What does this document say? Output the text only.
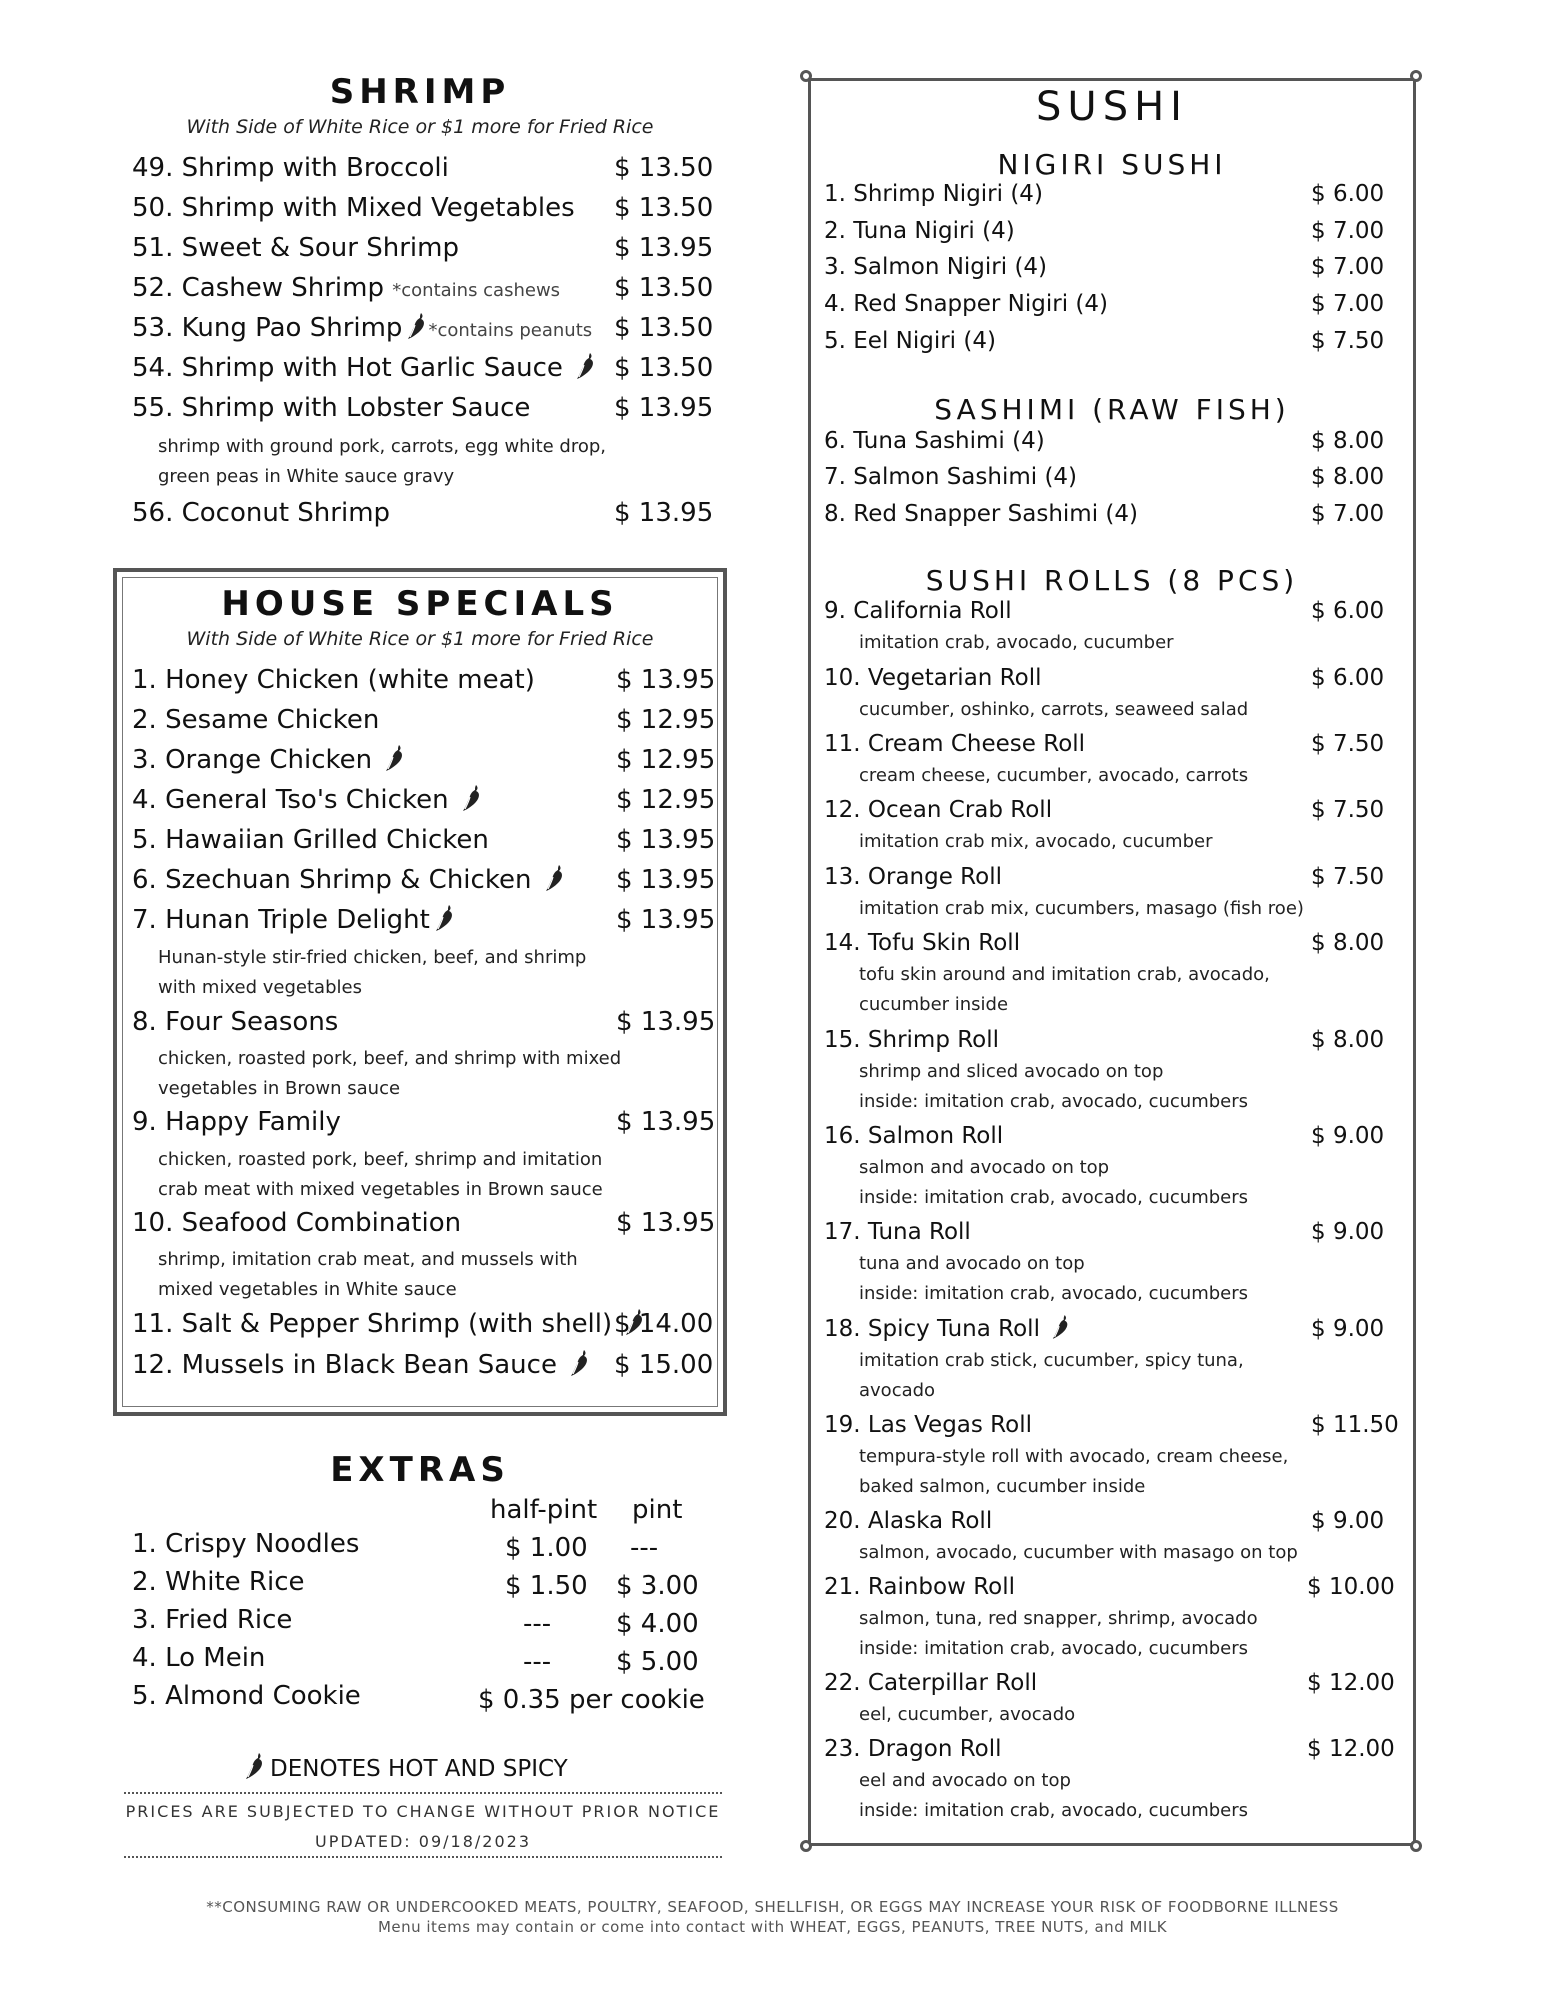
SHRIMP
With Side of White Rice or $1 more for Fried Rice
49. Shrimp with Broccoli	$ 13.50
50. Shrimp with Mixed Vegetables $ 13.50
51. Sweet & Sour Shrimp	$ 13.95
52. Cashew Shrimp *contains cashews $ 13.50
53. Kung Pao Shrimp *contains peanuts $ 13.50
54. Shrimp with Hot Garlic Sauce	$ 13.50
55. Shrimp with Lobster Sauce	$ 13.95
shrimp with ground pork, carrots, egg white drop,
green peas in White sauce gravy
56. Coconut Shrimp	$ 13.95
HOUSE SPECIALS
With Side of White Rice or $1 more for Fried Rice
1. Honey Chicken (white meat)	$ 13.95
2. Sesame Chicken	$ 12.95
3. Orange Chicken	$ 12.95
4. General Tso's Chicken	$ 12.95
5. Hawaiian Grilled Chicken	$ 13.95
6. Szechuan Shrimp & Chicken	$ 13.95
7. Hunan Triple Delight	$ 13.95
Hunan-style stir-fried chicken, beef, and shrimp
with mixed vegetables
8. Four Seasons	$ 13.95
chicken, roasted pork, beef, and shrimp with mixed
vegetables in Brown sauce
9. Happy Family	$ 13.95
chicken, roasted pork, beef, shrimp and imitation
crab meat with mixed vegetables in Brown sauce
10. Seafood Combination	$ 13.95
shrimp, imitation crab meat, and mussels with
mixed vegetables in White sauce
11. Salt & Pepper Shrimp (with shell) $ 14.00
12. Mussels in Black Bean Sauce	$ 15.00
EXTRAS
half-pint pint
1. Crispy Noodles	$ 1.00 ---
2. White Rice	$ 1.50 $ 3.00
3. Fried Rice	--- $ 4.00
4. Lo Mein	--- $ 5.00
5. Almond Cookie	$ 0.35 per cookie
DENOTES HOT AND SPICY
PRICES ARE SUBJECTED TO CHANGE WITHOUT PRIOR NOTICE
UPDATED: 09/18/2023
SUSHI
NIGIRI SUSHI
1. Shrimp Nigiri (4)	$ 6.00
2. Tuna Nigiri (4)	$ 7.00
3. Salmon Nigiri (4)	$ 7.00
4. Red Snapper Nigiri (4)	$ 7.00
5. Eel Nigiri (4)	$ 7.50
SASHIMI (RAW FISH)
6. Tuna Sashimi (4)	$ 8.00
7. Salmon Sashimi (4)	$ 8.00
8. Red Snapper Sashimi (4)	$ 7.00
SUSHI ROLLS (8 PCS)
9. California Roll	$ 6.00
imitation crab, avocado, cucumber
10. Vegetarian Roll	$ 6.00
cucumber, oshinko, carrots, seaweed salad
11. Cream Cheese Roll	$ 7.50
cream cheese, cucumber, avocado, carrots
12. Ocean Crab Roll	$ 7.50
imitation crab mix, avocado, cucumber
13. Orange Roll	$ 7.50
imitation crab mix, cucumbers, masago (fish roe)
14. Tofu Skin Roll	$ 8.00
tofu skin around and imitation crab, avocado,
cucumber inside
15. Shrimp Roll	$ 8.00
shrimp and sliced avocado on top
inside: imitation crab, avocado, cucumbers
16. Salmon Roll	$ 9.00
salmon and avocado on top
inside: imitation crab, avocado, cucumbers
17. Tuna Roll	$ 9.00
tuna and avocado on top
inside: imitation crab, avocado, cucumbers
18. Spicy Tuna Roll	$ 9.00
imitation crab stick, cucumber, spicy tuna,
avocado
19. Las Vegas Roll	$ 11.50
tempura-style roll with avocado, cream cheese,
baked salmon, cucumber inside
20. Alaska Roll	$ 9.00
salmon, avocado, cucumber with masago on top
21. Rainbow Roll	$ 10.00
salmon, tuna, red snapper, shrimp, avocado
inside: imitation crab, avocado, cucumbers
22. Caterpillar Roll	$ 12.00
eel, cucumber, avocado
23. Dragon Roll	$ 12.00
eel and avocado on top
inside: imitation crab, avocado, cucumbers
**CONSUMING RAW OR UNDERCOOKED MEATS, POULTRY, SEAFOOD, SHELLFISH, OR EGGS MAY INCREASE YOUR RISK OF FOODBORNE ILLNESS
Menu items may contain or come into contact with WHEAT, EGGS, PEANUTS, TREE NUTS, and MILK
